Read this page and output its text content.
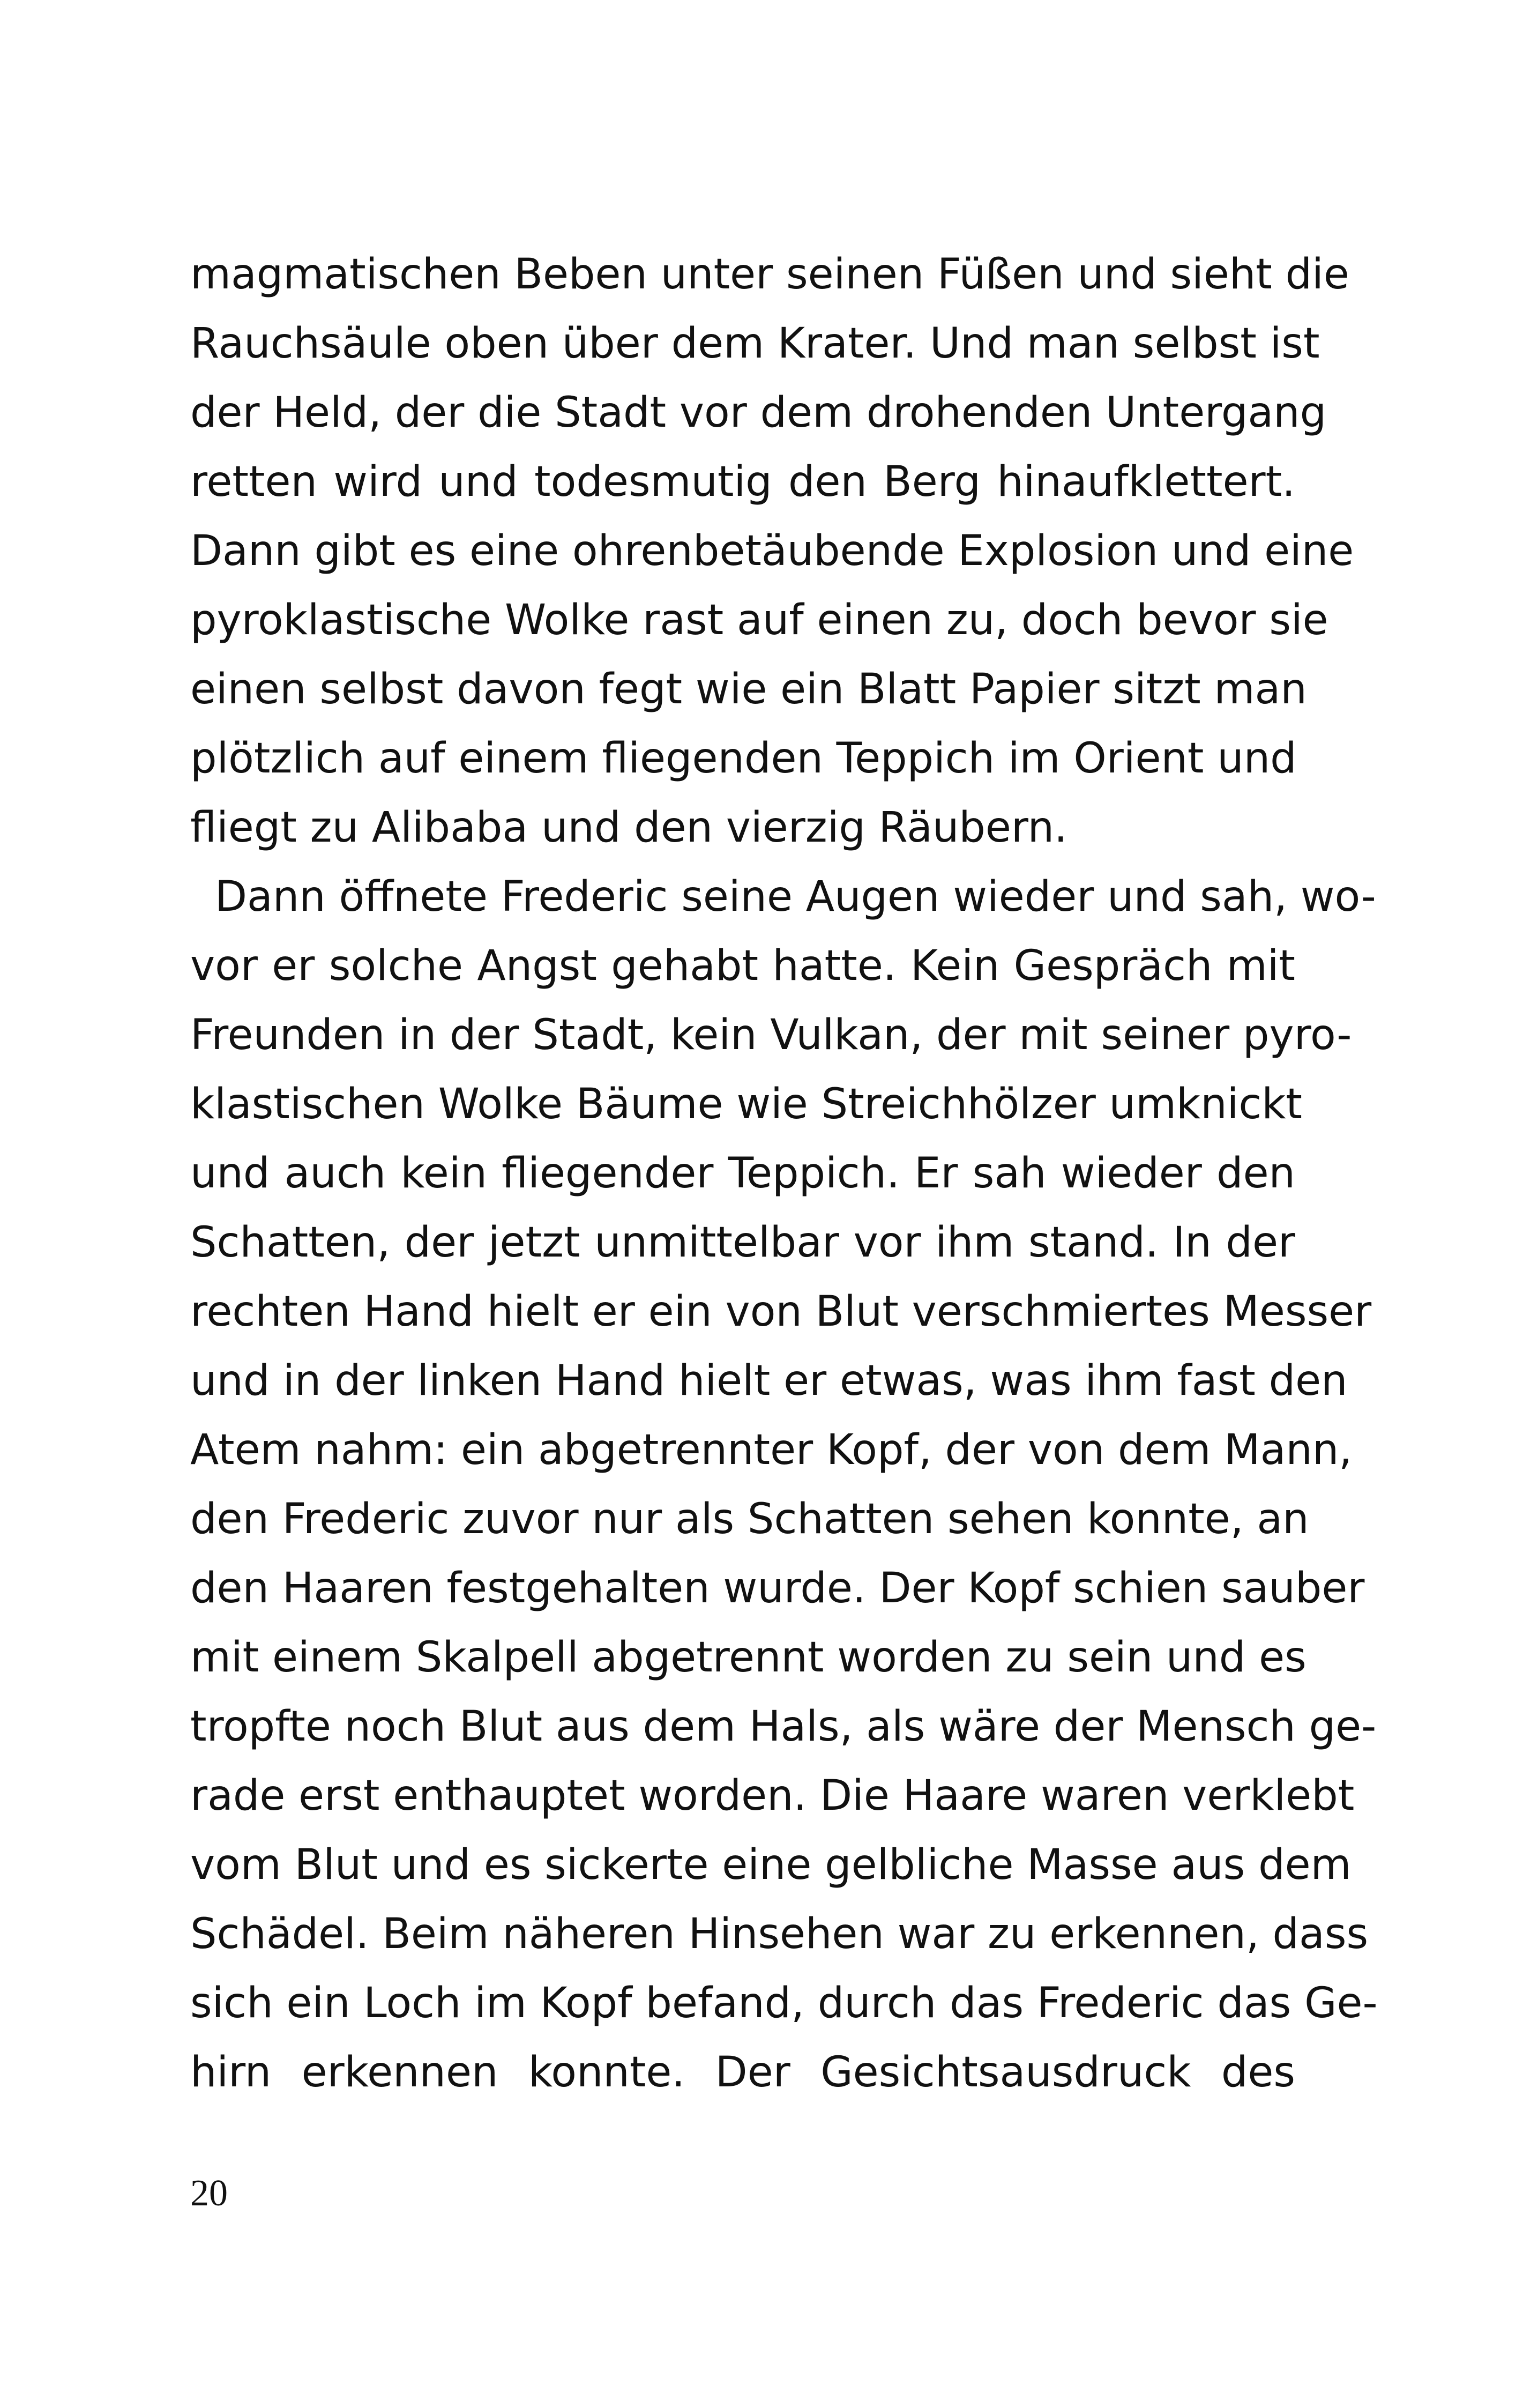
magmatischen Beben unter seinen Füßen und sieht die
Rauchsäule oben über dem Krater. Und man selbst ist
der Held, der die Stadt vor dem drohenden Untergang
retten wird und todesmutig den Berg hinaufklettert.
Dann gibt es eine ohrenbetäubende Explosion und eine
pyroklastische Wolke rast auf einen zu, doch bevor sie
einen selbst davon fegt wie ein Blatt Papier sitzt man
plötzlich auf einem fliegenden Teppich im Orient und
fliegt zu Alibaba und den vierzig Räubern.
Dann öffnete Frederic seine Augen wieder und sah, wo-
vor er solche Angst gehabt hatte. Kein Gespräch mit
Freunden in der Stadt, kein Vulkan, der mit seiner pyro-
klastischen Wolke Bäume wie Streichhölzer umknickt
und auch kein fliegender Teppich. Er sah wieder den
Schatten, der jetzt unmittelbar vor ihm stand. In der
rechten Hand hielt er ein von Blut verschmiertes Messer
und in der linken Hand hielt er etwas, was ihm fast den
Atem nahm: ein abgetrennter Kopf, der von dem Mann,
den Frederic zuvor nur als Schatten sehen konnte, an
den Haaren festgehalten wurde. Der Kopf schien sauber
mit einem Skalpell abgetrennt worden zu sein und es
tropfte noch Blut aus dem Hals, als wäre der Mensch ge-
rade erst enthauptet worden. Die Haare waren verklebt
vom Blut und es sickerte eine gelbliche Masse aus dem
Schädel. Beim näheren Hinsehen war zu erkennen, dass
sich ein Loch im Kopf befand, durch das Frederic das Ge-
hirn erkennen konnte. Der Gesichtsausdruck des
20
